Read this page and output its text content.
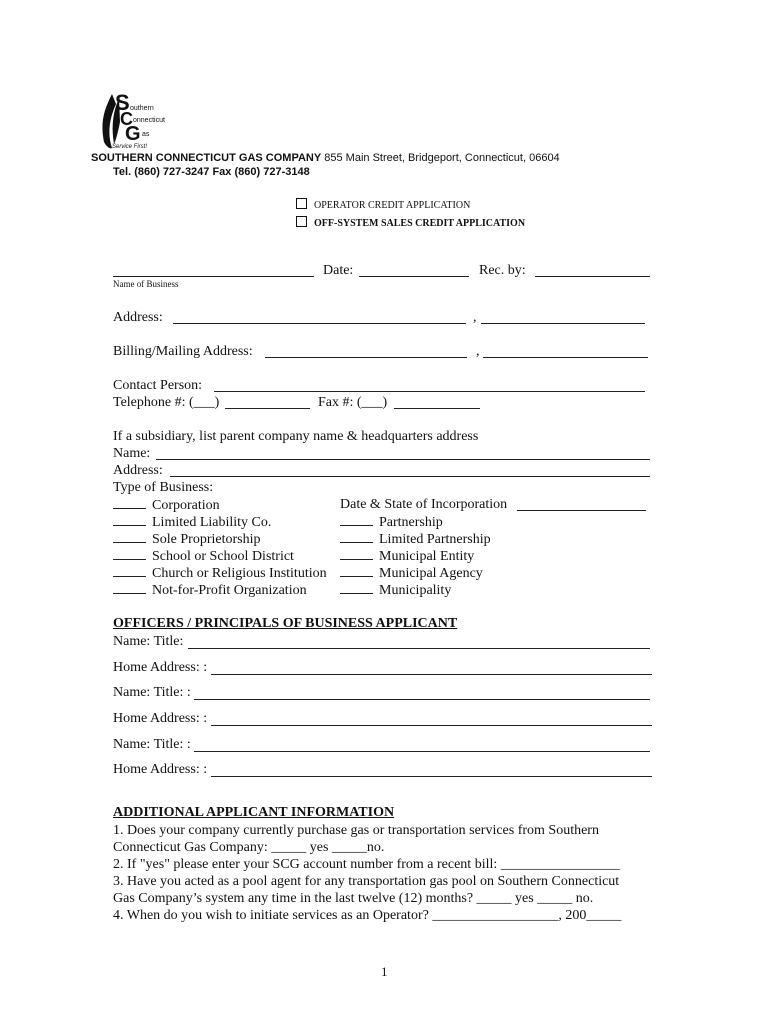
S
C
G
outhern
onnecticut
as
Service First!
SOUTHERN CONNECTICUT GAS COMPANY 855 Main Street, Bridgeport, Connecticut, 06604
Tel. (860) 727-3247 Fax (860) 727-3148
OPERATOR CREDIT APPLICATION
OFF-SYSTEM SALES CREDIT APPLICATION
Date:	Rec. by:
Name of Business
Address:	,
Billing/Mailing Address:	,
Contact Person:
Telephone #: (___)	Fax #: (___)
If a subsidiary, list parent company name & headquarters address
Name:
Address:
Type of Business:
Corporation
Limited Liability Co.
Sole Proprietorship
School or School District
Church or Religious Institution
Not-for-Profit Organization
Date & State of Incorporation
Partnership
Limited Partnership
Municipal Entity
Municipal Agency
Municipality
OFFICERS / PRINCIPALS OF BUSINESS APPLICANT
Name: Title:
Home Address: :
Name: Title: :
Home Address: :
Name: Title: :
Home Address: :
ADDITIONAL APPLICANT INFORMATION
1. Does your company currently purchase gas or transportation services from Southern
Connecticut Gas Company: _____ yes _____no.
2. If "yes" please enter your SCG account number from a recent bill: _________________
3. Have you acted as a pool agent for any transportation gas pool on Southern Connecticut
Gas Company’s system any time in the last twelve (12) months? _____ yes _____ no.
4. When do you wish to initiate services as an Operator? __________________, 200_____
1
